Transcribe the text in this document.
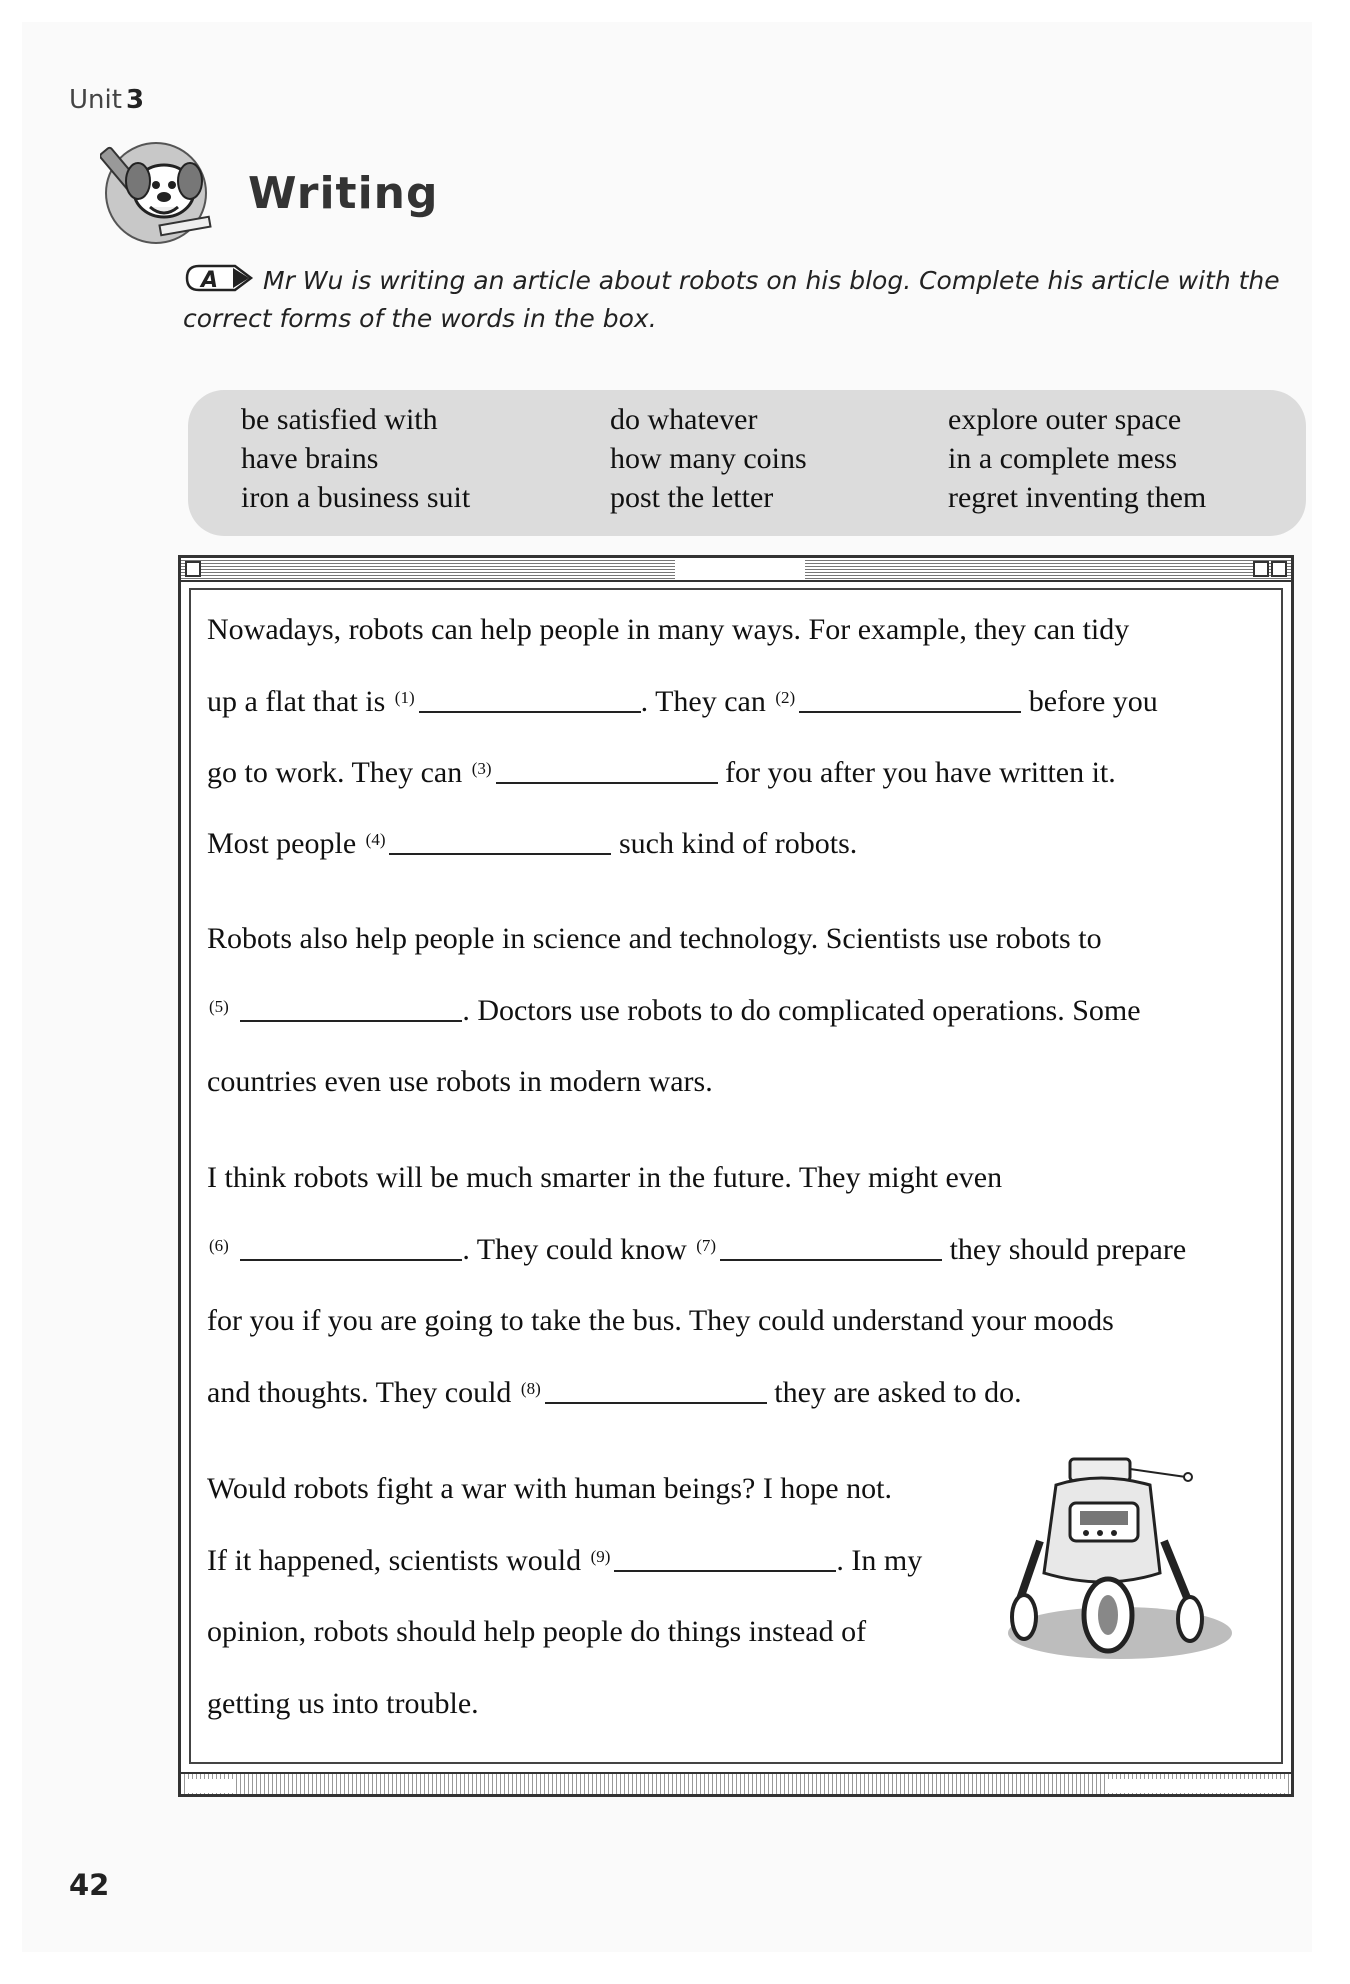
Unit 3
Writing
A Mr Wu is writing an article about robots on his blog. Complete his article with the
correct forms of the words in the box.
be satisfied with
have brains
iron a business suit
do whatever
how many coins
post the letter
explore outer space
in a complete mess
regret inventing them
Nowadays, robots can help people in many ways. For example, they can tidy
up a flat that is $^{(1)}$	. They can $^{(2)}$	before you
go to work. They can $^{(3)}$	for you after you have written it.
Most people $^{(4)}$	such kind of robots.
Robots also help people in science and technology. Scientists use robots to
$^{(5)}$	. Doctors use robots to do complicated operations. Some
countries even use robots in modern wars.
I think robots will be much smarter in the future. They might even
$^{(6)}$	. They could know $^{(7)}$	they should prepare
for you if you are going to take the bus. They could understand your moods
and thoughts. They could $^{(8)}$	they are asked to do.
Would robots fight a war with human beings? I hope not.
If it happened, scientists would $^{(9)}$	. In my
opinion, robots should help people do things instead of
getting us into trouble.
42
